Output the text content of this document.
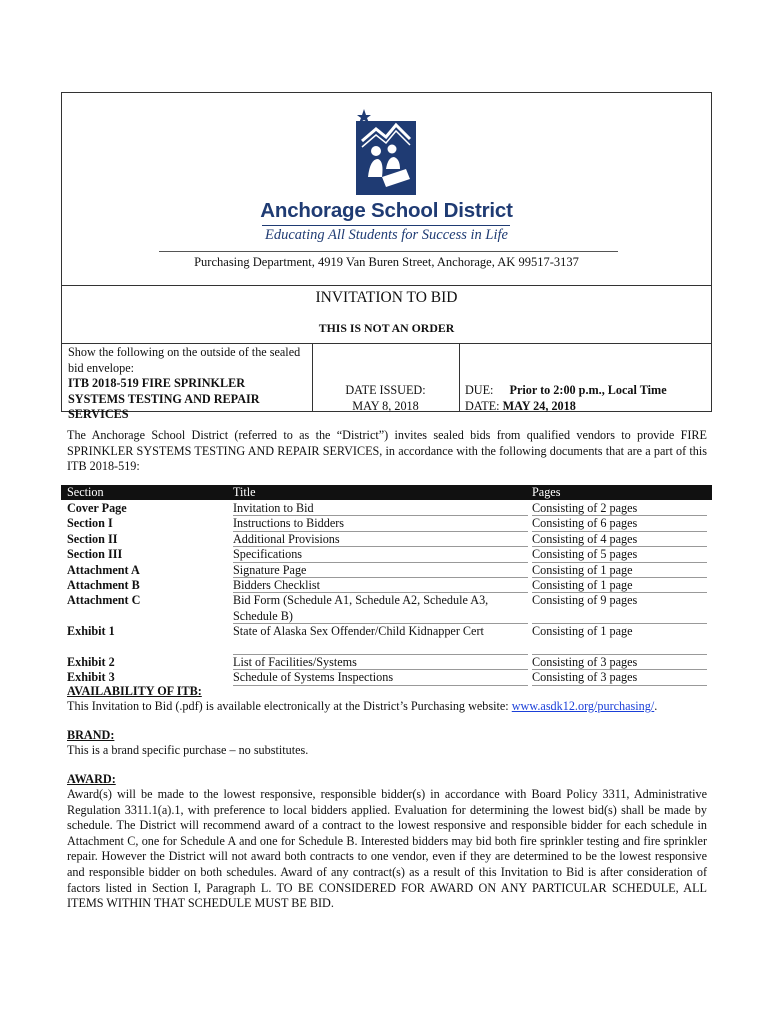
Anchorage School District
Educating All Students for Success in Life
Purchasing Department, 4919 Van Buren Street, Anchorage, AK 99517-3137
INVITATION TO BID
THIS IS NOT AN ORDER
Show the following on the outside of the sealed
bid envelope:
ITB 2018-519 FIRE SPRINKLER
SYSTEMS TESTING AND REPAIR
SERVICES
DATE ISSUED:
MAY 8, 2018
DUE: Prior to 2:00 p.m., Local Time
DATE: MAY 24, 2018

The Anchorage School District (referred to as the “District”) invites sealed bids from qualified vendors to provide FIRE SPRINKLER SYSTEMS TESTING AND REPAIR SERVICES, in accordance with the following documents that are a part of this ITB 2018-519:

Section	Title	Pages
Cover Page	Invitation to Bid	Consisting of 2 pages
Section I	Instructions to Bidders	Consisting of 6 pages
Section II	Additional Provisions	Consisting of 4 pages
Section III	Specifications	Consisting of 5 pages
Attachment A	Signature Page	Consisting of 1 page
Attachment B	Bidders Checklist	Consisting of 1 page
Attachment C	Bid Form (Schedule A1, Schedule A2, Schedule A3, Schedule B)
Consisting of 9 pages
Exhibit 1	State of Alaska Sex Offender/Child Kidnapper Cert	Consisting of 1 page
Exhibit 2	List of Facilities/Systems	Consisting of 3 pages
Exhibit 3	Schedule of Systems Inspections	Consisting of 3 pages
AVAILABILITY OF ITB:

This Invitation to Bid (.pdf) is available electronically at the District’s Purchasing website: www.asdk12.org/purchasing/.

BRAND:

This is a brand specific purchase – no substitutes.

AWARD:

Award(s) will be made to the lowest responsive, responsible bidder(s) in accordance with Board Policy 3311, Administrative Regulation 3311.1(a).1, with preference to local bidders applied. Evaluation for determining the lowest bid(s) shall be made by schedule. The District will recommend award of a contract to the lowest responsive and responsible bidder for each schedule in Attachment C, one for Schedule A and one for Schedule B. Interested bidders may bid both fire sprinkler testing and fire sprinkler repair. However the District will not award both contracts to one vendor, even if they are determined to be the lowest responsive and responsible bidder on both schedules. Award of any contract(s) as a result of this Invitation to Bid is after consideration of factors listed in Section I, Paragraph L. TO BE CONSIDERED FOR AWARD ON ANY PARTICULAR SCHEDULE, ALL ITEMS WITHIN THAT SCHEDULE MUST BE BID.
